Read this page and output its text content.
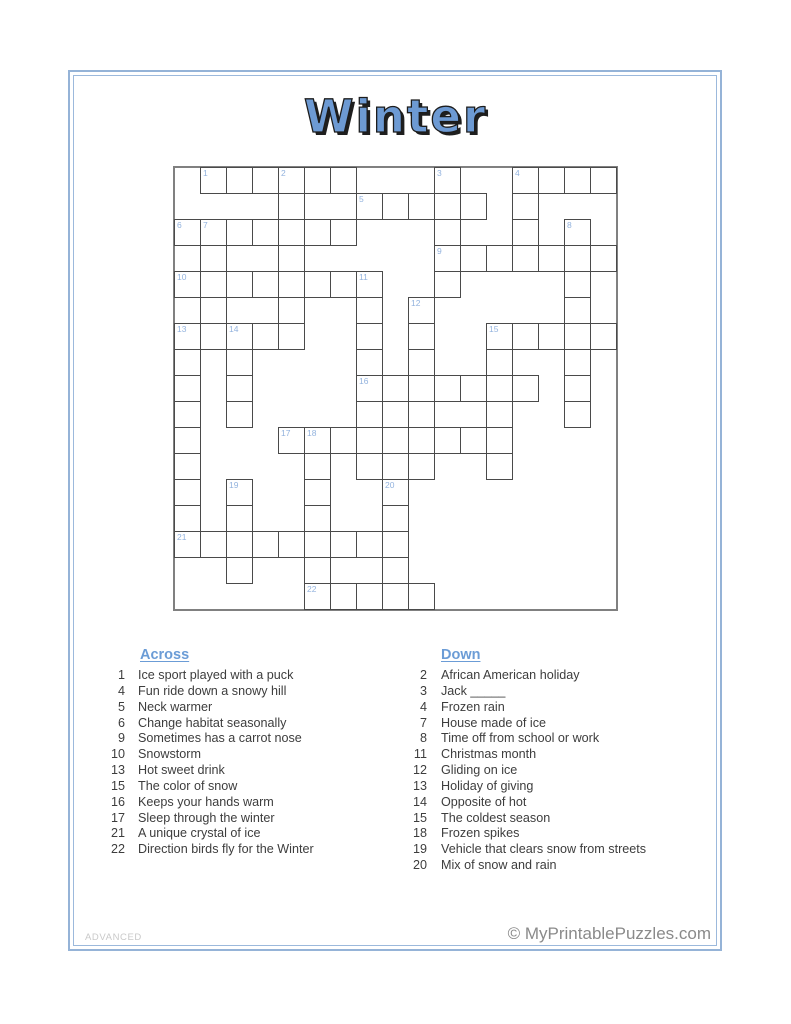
Winter
1	2	3	4
5
6	7	8
9
10	11
12
13	14	15
16
17 18
19	20
21
22
Across
1 Ice sport played with a puck
4 Fun ride down a snowy hill
5 Neck warmer
6 Change habitat seasonally
9 Sometimes has a carrot nose
10 Snowstorm
13 Hot sweet drink
15 The color of snow
16 Keeps your hands warm
17 Sleep through the winter
21 A unique crystal of ice
22 Direction birds fly for the Winter
Down
2 African American holiday
3 Jack _____
4 Frozen rain
7 House made of ice
8 Time off from school or work
11 Christmas month
12 Gliding on ice
13 Holiday of giving
14 Opposite of hot
15 The coldest season
18 Frozen spikes
19 Vehicle that clears snow from streets
20 Mix of snow and rain
ADVANCED	© MyPrintablePuzzles.com
